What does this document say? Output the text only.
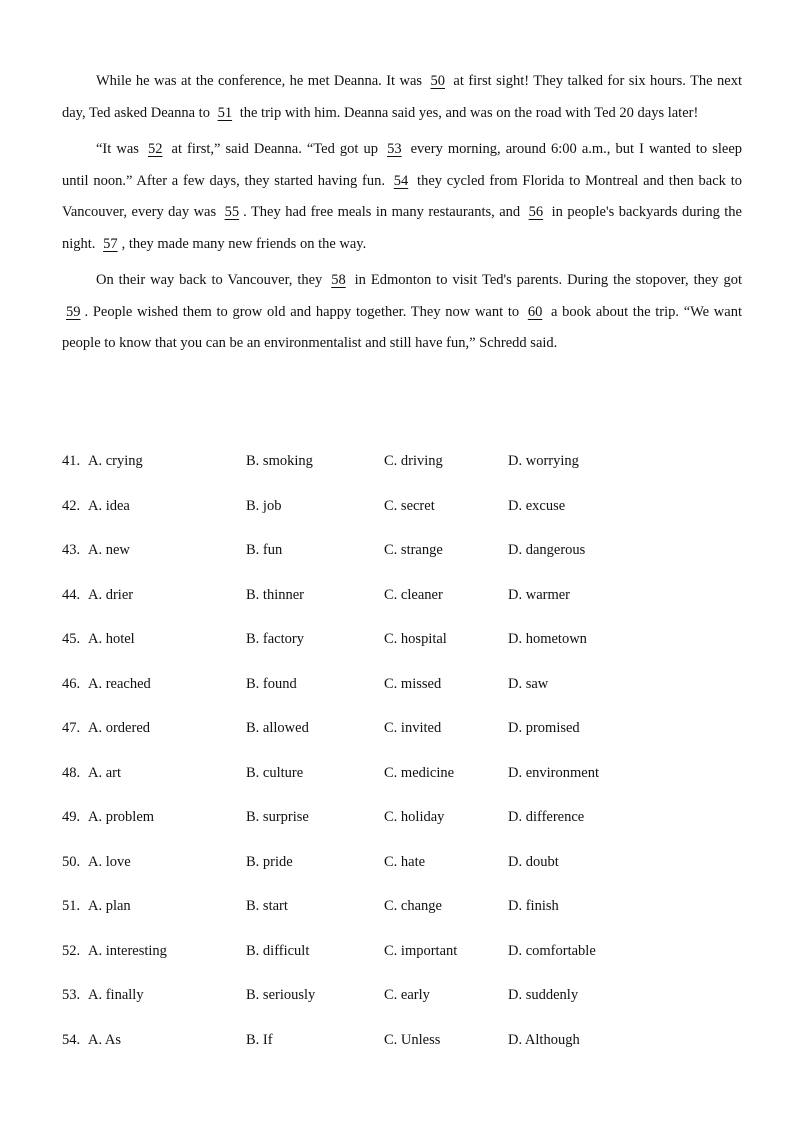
While he was at the conference, he met Deanna. It was 50 at first sight! They talked for six hours. The next day, Ted asked Deanna to 51 the trip with him. Deanna said yes, and was on the road with Ted 20 days later!

“It was 52 at first,” said Deanna. “Ted got up 53 every morning, around 6:00 a.m., but I wanted to sleep until noon.” After a few days, they started having fun. 54 they cycled from Florida to Montreal and then back to Vancouver, every day was 55 . They had free meals in many restaurants, and 56 in people's backyards during the night. 57 , they made many new friends on the way.

On their way back to Vancouver, they 58 in Edmonton to visit Ted's parents. During the stopover, they got 59 . People wished them to grow old and happy together. They now want to 60 a book about the trip. “We want people to know that you can be an environmentalist and still have fun,” Schredd said.

41. A. crying	B. smoking	C. driving	D. worrying
42. A. idea	B. job	C. secret	D. excuse
43. A. new	B. fun	C. strange	D. dangerous
44. A. drier	B. thinner	C. cleaner	D. warmer
45. A. hotel	B. factory	C. hospital	D. hometown
46. A. reached	B. found	C. missed	D. saw
47. A. ordered	B. allowed	C. invited	D. promised
48. A. art	B. culture	C. medicine	D. environment
49. A. problem	B. surprise	C. holiday	D. difference
50. A. love	B. pride	C. hate	D. doubt
51. A. plan	B. start	C. change	D. finish
52. A. interesting	B. difficult	C. important	D. comfortable
53. A. finally	B. seriously	C. early	D. suddenly
54. A. As	B. If	C. Unless	D. Although
